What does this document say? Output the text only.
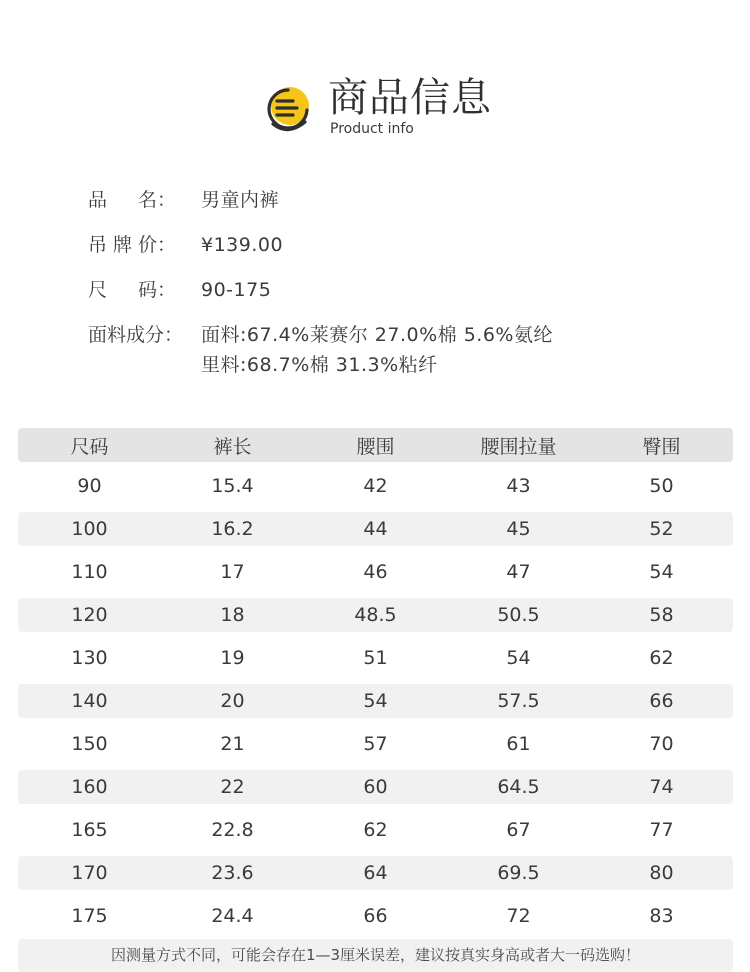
商品信息
Product info
品 名： 男童内裤
吊 牌 价： ¥139.00
尺 码： 90-175
面料成分： 面料:67.4%莱赛尔 27.0%棉 5.6%氨纶
里料:68.7%棉 31.3%粘纤
尺码	裤长	腰围	腰围拉量	臀围
90	15.4	42	43	50
100	16.2	44	45	52
110	17	46	47	54
120	18	48.5	50.5	58
130	19	51	54	62
140	20	54	57.5	66
150	21	57	61	70
160	22	60	64.5	74
165	22.8	62	67	77
170	23.6	64	69.5	80
175	24.4	66	72	83
因测量方式不同，可能会存在1—3厘米误差，建议按真实身高或者大一码选购！
